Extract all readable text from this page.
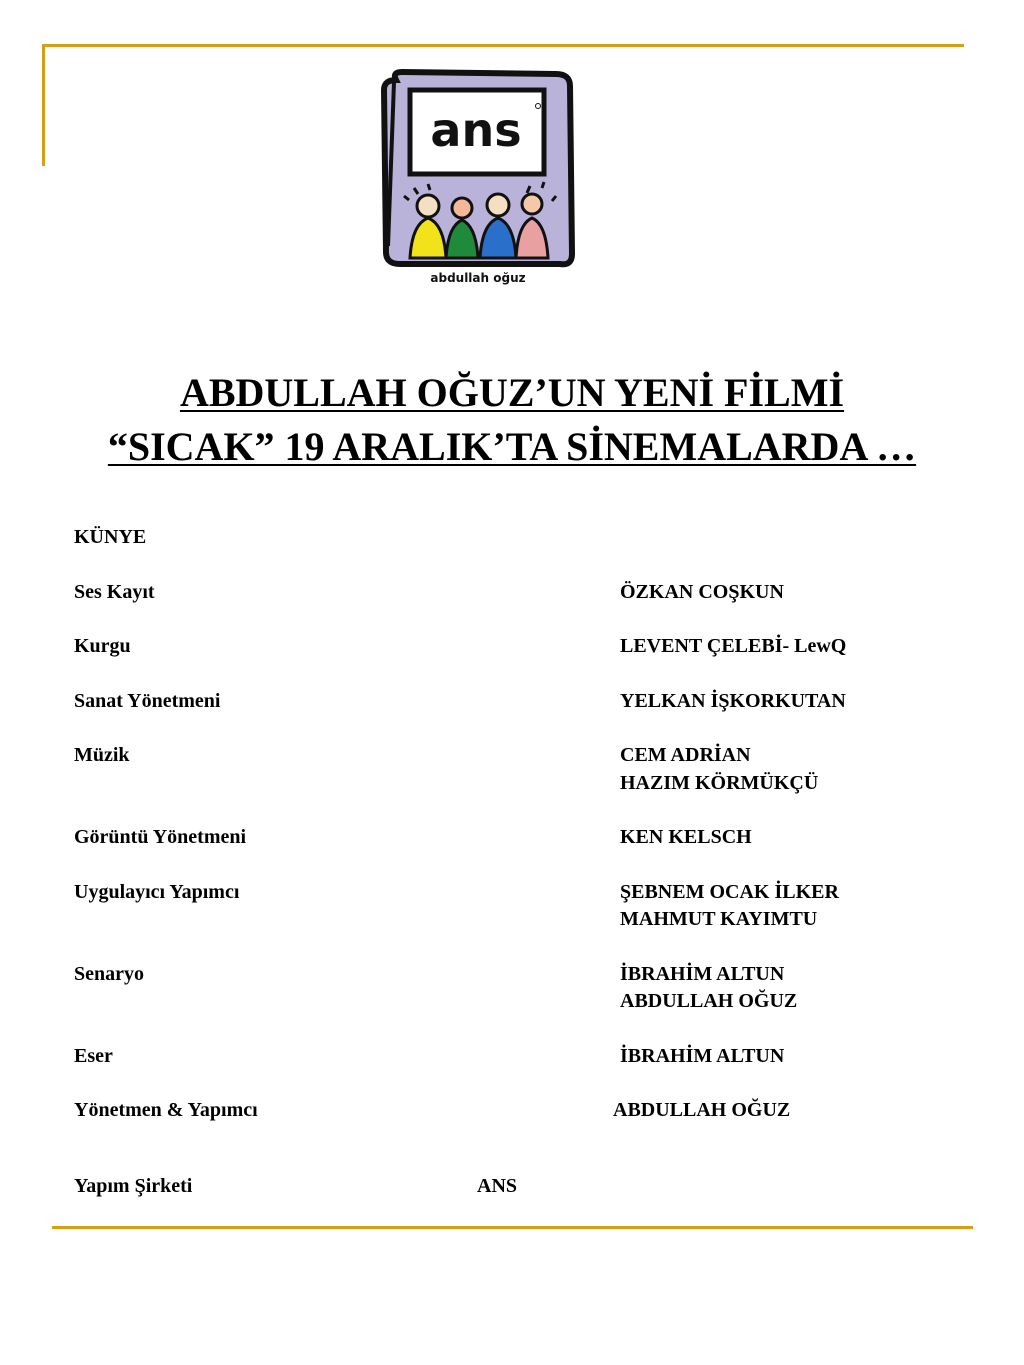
ans
abdullah oğuz
ABDULLAH OĞUZ’UN YENİ FİLMİ
“SICAK” 19 ARALIK’TA SİNEMALARDA …
KÜNYE
Ses Kayıt	ÖZKAN COŞKUN
Kurgu	LEVENT ÇELEBİ- LewQ
Sanat Yönetmeni	YELKAN İŞKORKUTAN
Müzik	CEM ADRİAN
HAZIM KÖRMÜKÇÜ
Görüntü Yönetmeni	KEN KELSCH
Uygulayıcı Yapımcı	ŞEBNEM OCAK İLKER
MAHMUT KAYIMTU
Senaryo	İBRAHİM ALTUN
ABDULLAH OĞUZ
Eser	İBRAHİM ALTUN
Yönetmen & Yapımcı	ABDULLAH OĞUZ
Yapım Şirketi	ANS
